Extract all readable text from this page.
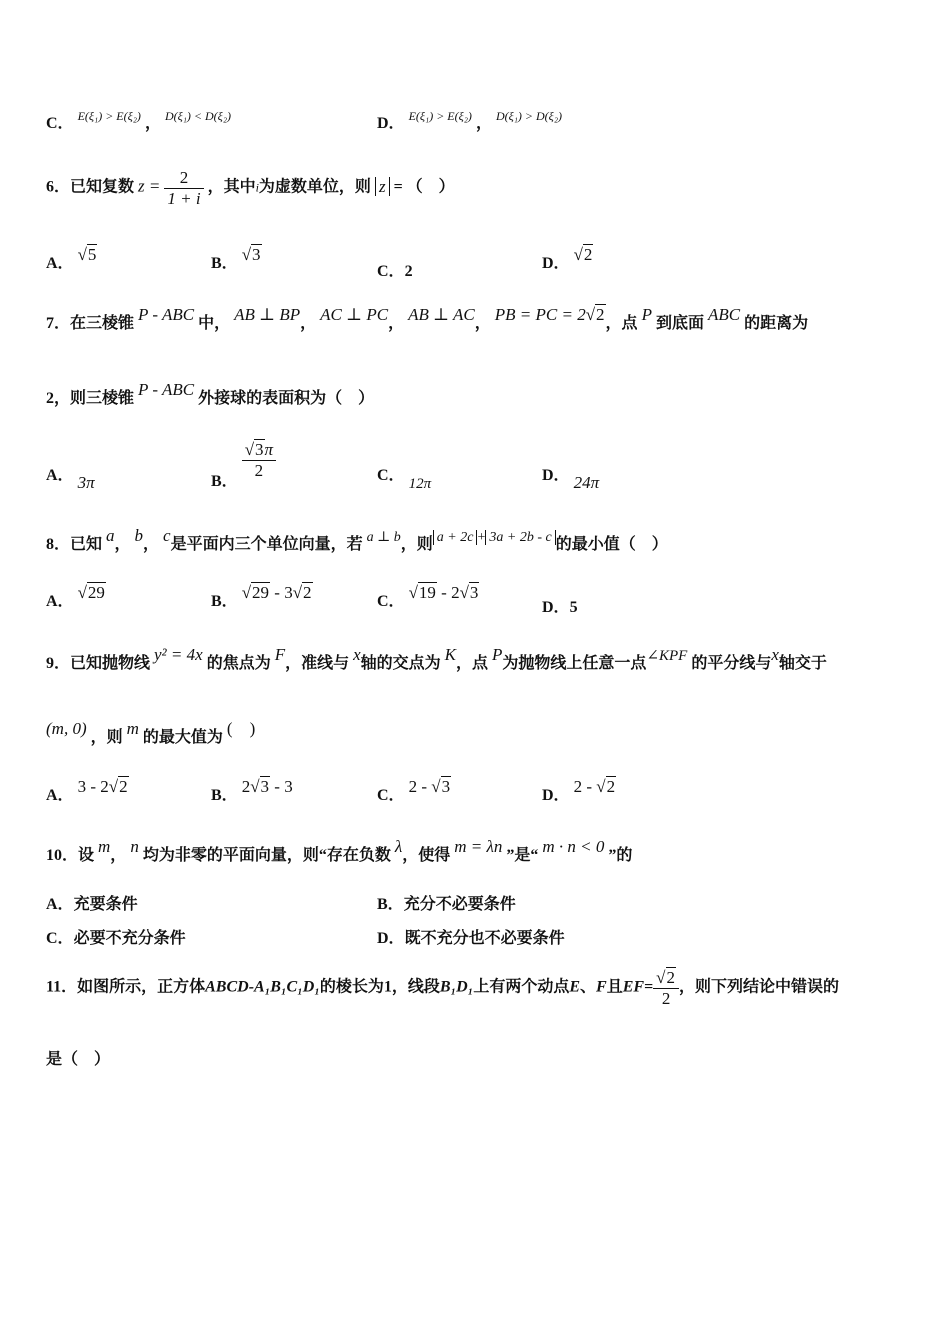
C． $^{E(\xi_1) > E(\xi_2)}$ ， $^{D(\xi_1) < D(\xi_2)}$	D． $^{E(\xi_1) > E(\xi_2)}$ ， $^{D(\xi_1) > D(\xi_2)}$
6．已知复数 $z = \frac{2}{1 + i}$ ，其中i为虚数单位，则 z = （　）
A． √5	B． √3
C．2	D． √2
7．在三棱锥 P - ABC 中， AB ⊥ BP， AC ⊥ PC， AB ⊥ AC， PB = PC = 2√2，点 P 到底面 ABC 的距离为
2，则三棱锥 P - ABC 外接球的表面积为（　）
A． 3π	B．
$\frac{√3\pi}{2}$	C． 12π	D． 24π
8．已知 a， b， c是平面内三个单位向量，若 a ⊥ b，则 a + 2c + 3a + 2b - c 的最小值（　）
A． √29	B． √29 - 3√2	C． √19 - 2√3
D．5
9．已知抛物线 y² = 4x 的焦点为 F，准线与 x轴的交点为 K，点 P为抛物线上任意一点∠KPF 的平分线与x轴交于
(m, 0) ，则 m 的最大值为 (　)
A． 3 - 2√2	B． 2√3 - 3	C． 2 - √3	D． 2 - √2
10．设 m， n 均为非零的平面向量，则“存在负数 λ，使得 m = λn ”是“ m · n < 0 ”的
A．充要条件	B．充分不必要条件
C．必要不充分条件	D．既不充分也不必要条件
11．如图所示，正方体ABCD-A₁B₁C₁D₁的棱长为1，线段B₁D₁上有两个动点E、F且$EF= \frac{√2}{2}$ ，则下列结论中错误的
是（　）
